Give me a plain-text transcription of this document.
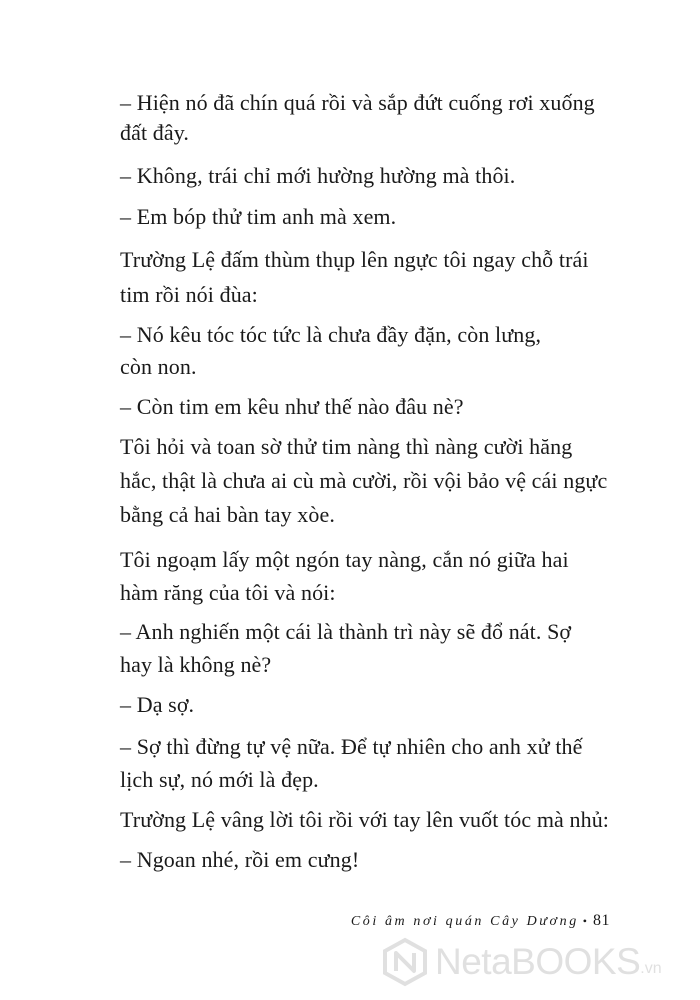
– Hiện nó đã chín quá rồi và sắp đứt cuống rơi xuống
đất đây.
– Không, trái chỉ mới hường hường mà thôi.
– Em bóp thử tim anh mà xem.
Trường Lệ đấm thùm thụp lên ngực tôi ngay chỗ trái
tim rồi nói đùa:
– Nó kêu tóc tóc tức là chưa đầy đặn, còn lưng,
còn non.
– Còn tim em kêu như thế nào đâu nè?
Tôi hỏi và toan sờ thử tim nàng thì nàng cười hăng
hắc, thật là chưa ai cù mà cười, rồi vội bảo vệ cái ngực
bằng cả hai bàn tay xòe.
Tôi ngoạm lấy một ngón tay nàng, cắn nó giữa hai
hàm răng của tôi và nói:
– Anh nghiến một cái là thành trì này sẽ đổ nát. Sợ
hay là không nè?
– Dạ sợ.
– Sợ thì đừng tự vệ nữa. Để tự nhiên cho anh xử thế
lịch sự, nó mới là đẹp.
Trường Lệ vâng lời tôi rồi với tay lên vuốt tóc mà nhủ:
– Ngoan nhé, rồi em cưng!
Côi âm nơi quán Cây Dương • 81
NetaBOOKS .vn
